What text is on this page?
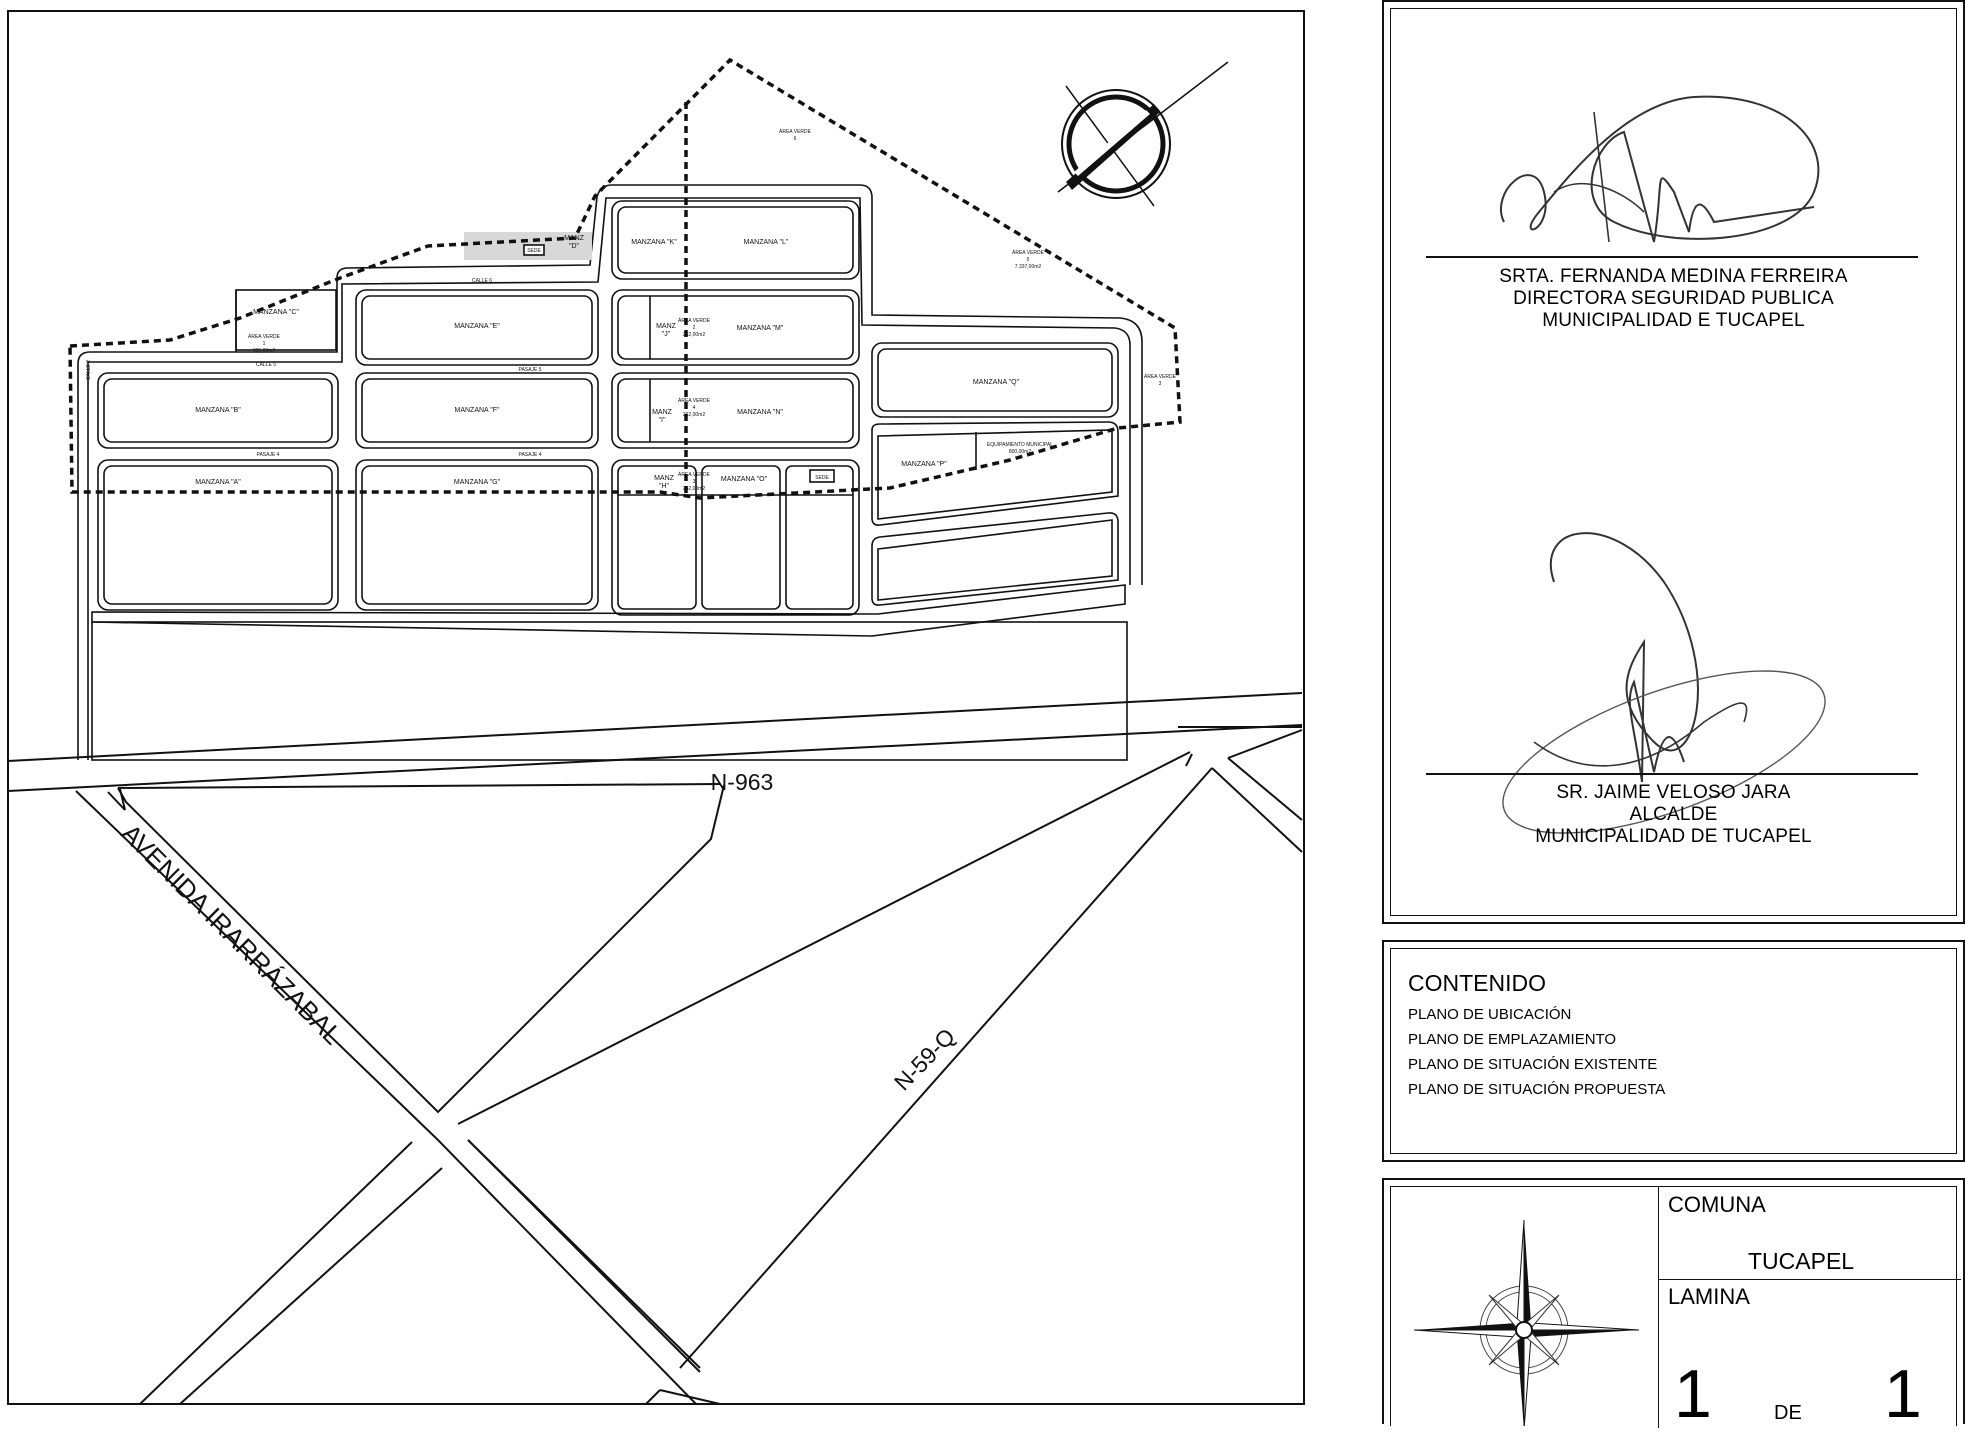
N-963
AVENIDA IRARRÁZABAL
N-59-Q
CALLE 6
CALLE 5
PASAJE 5
PASAJE 4	PASAJE 4
CALLE 2
MANZANA "A"
MANZANA "B"
MANZANA "C"
MANZ
"D"
MANZANA "E"
MANZANA "F"
MANZANA "G"
MANZ
"H"
MANZ
"I"
MANZ
"J"
MANZANA "K"	MANZANA "L"
MANZANA "M"
MANZANA "N"
MANZANA "O"
MANZANA "P"
MANZANA "Q"
ÁREA VERDE
6
ÁREA VERDE
5
7.337,00m2
ÁREA VERDE
1
395,00m2
ÁREA VERDE
3
ÁREA VERDE
2
262,00m2
ÁREA VERDE
4
262,00m2
ÁREA VERDE
3
262,00m2
EQUIPAMIENTO MUNICIPAL
800,00m2
SEDE
SEDE
SRTA. FERNANDA MEDINA FERREIRA
DIRECTORA SEGURIDAD PUBLICA
MUNICIPALIDAD E TUCAPEL
SR. JAIME VELOSO JARA
ALCALDE
MUNICIPALIDAD DE TUCAPEL
CONTENIDO
PLANO DE UBICACIÓN
PLANO DE EMPLAZAMIENTO
PLANO DE SITUACIÓN EXISTENTE
PLANO DE SITUACIÓN PROPUESTA
COMUNA
TUCAPEL
LAMINA
1	DE 1
